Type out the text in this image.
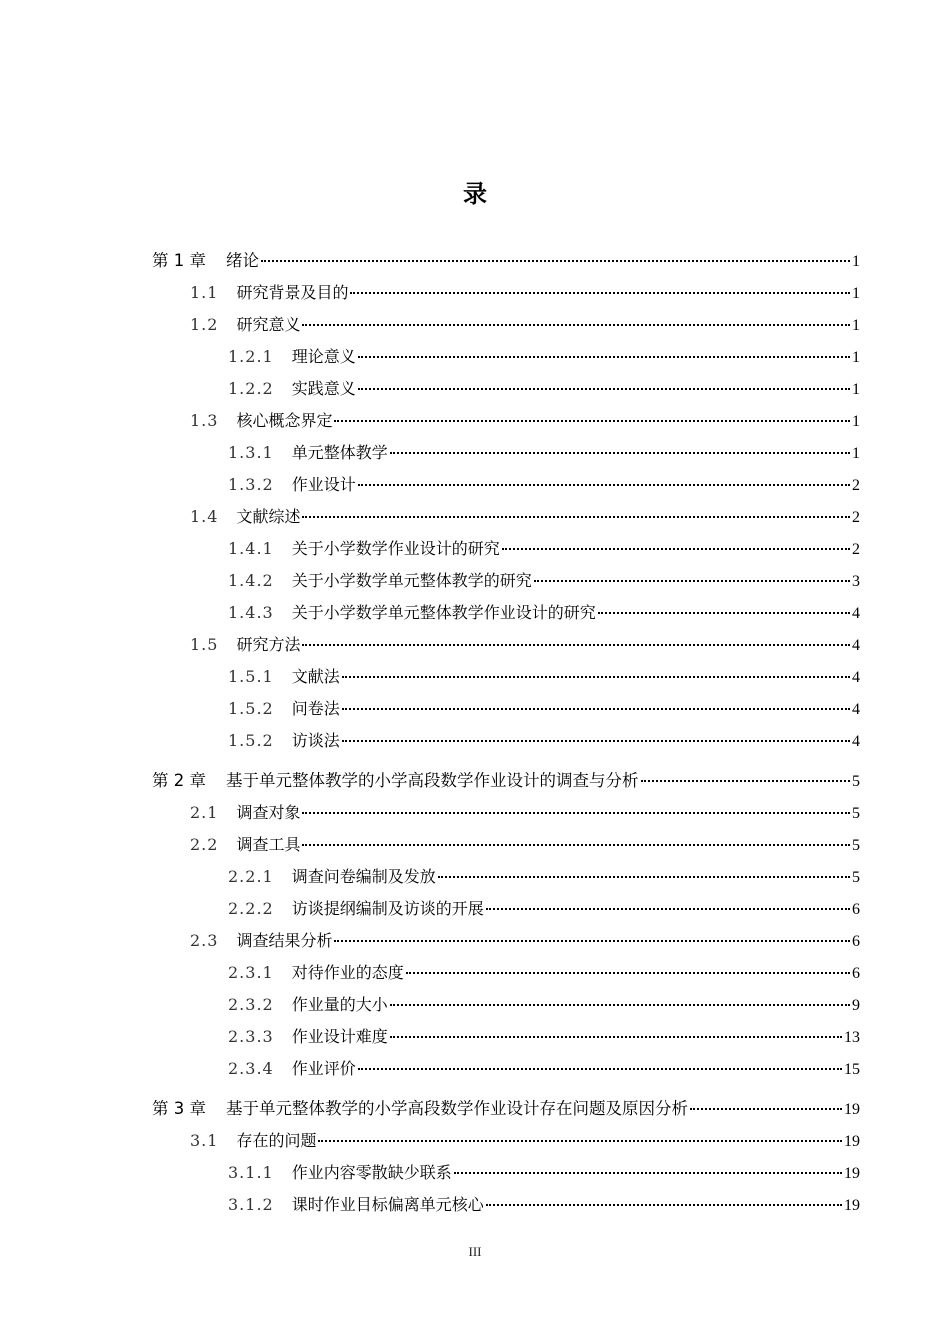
录
第 1 章 绪论	1
1.1 研究背景及目的	1
1.2 研究意义	1
1.2.1 理论意义	1
1.2.2 实践意义	1
1.3 核心概念界定	1
1.3.1 单元整体教学	1
1.3.2 作业设计	2
1.4 文献综述	2
1.4.1 关于小学数学作业设计的研究	2
1.4.2 关于小学数学单元整体教学的研究	3
1.4.3 关于小学数学单元整体教学作业设计的研究	4
1.5 研究方法	4
1.5.1 文献法	4
1.5.2 问卷法	4
1.5.2 访谈法	4
第 2 章 基于单元整体教学的小学高段数学作业设计的调查与分析	5
2.1 调查对象	5
2.2 调查工具	5
2.2.1 调查问卷编制及发放	5
2.2.2 访谈提纲编制及访谈的开展	6
2.3 调查结果分析	6
2.3.1 对待作业的态度	6
2.3.2 作业量的大小	9
2.3.3 作业设计难度	13
2.3.4 作业评价	15
第 3 章 基于单元整体教学的小学高段数学作业设计存在问题及原因分析	19
3.1 存在的问题	19
3.1.1 作业内容零散缺少联系	19
3.1.2 课时作业目标偏离单元核心	19
III
